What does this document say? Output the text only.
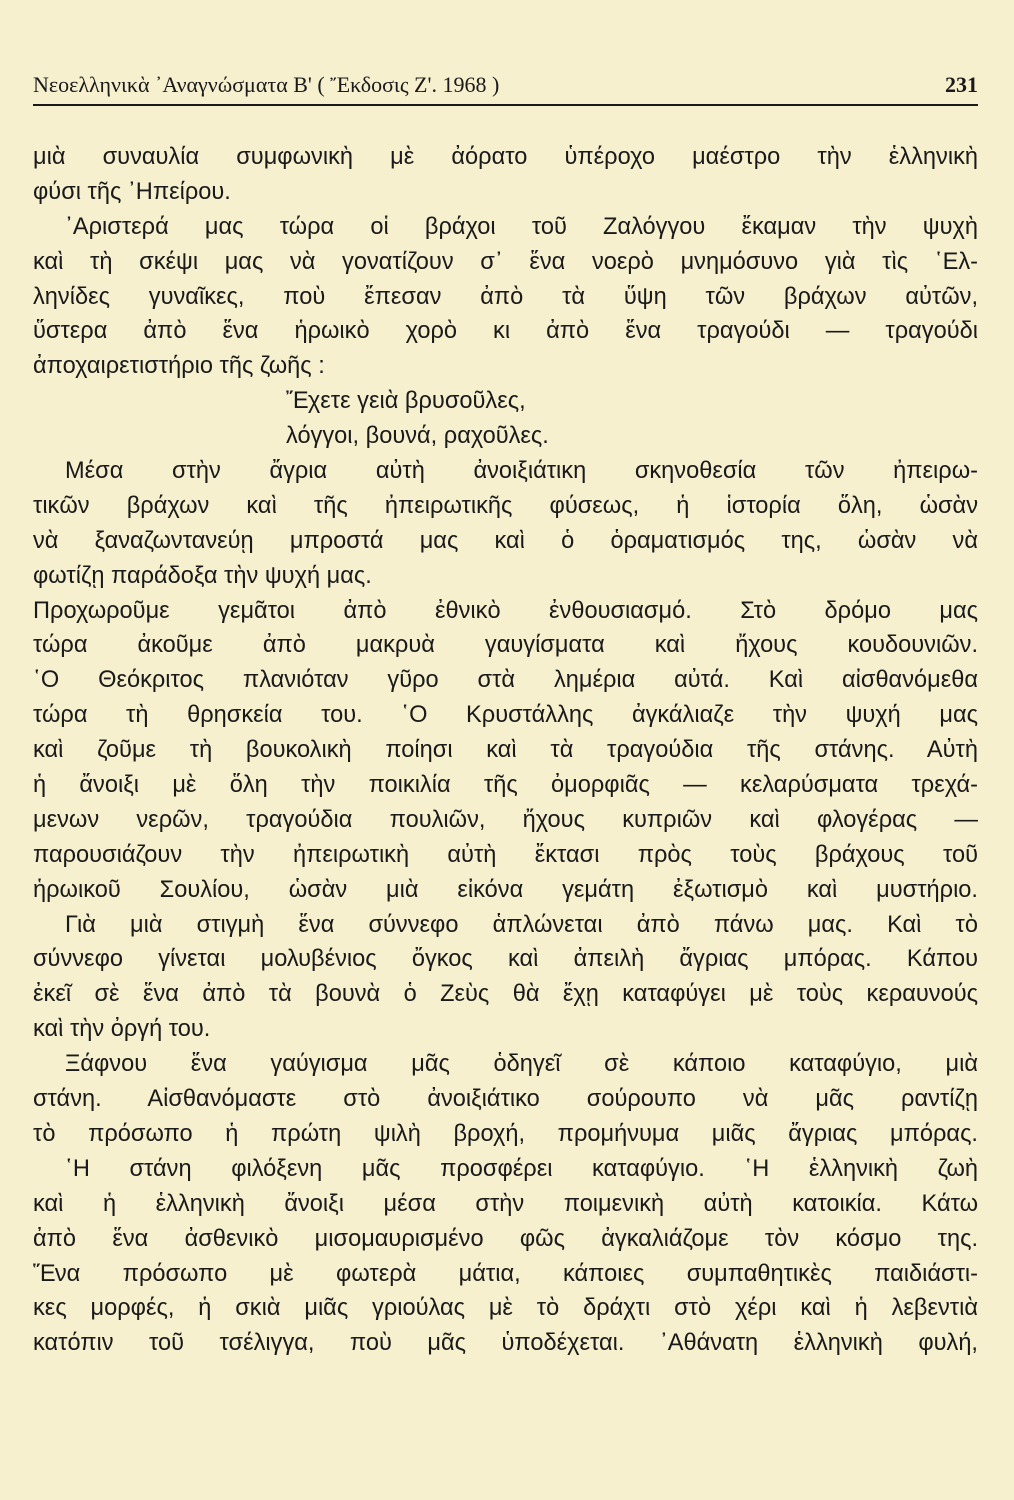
Νεοελληνικὰ ᾿Αναγνώσματα Β' ( Ἔκδοσις Ζ'. 1968 )	231
μιὰ συναυλία συμφωνικὴ μὲ ἀόρατο ὑπέροχο μαέστρο τὴν ἑλληνικὴ
φύσι τῆς ᾿Ηπείρου.
᾿Αριστερά μας τώρα οἱ βράχοι τοῦ Ζαλόγγου ἔκαμαν τὴν ψυχὴ
καὶ τὴ σκέψι μας νὰ γονατίζουν σ᾿ ἕνα νοερὸ μνημόσυνο γιὰ τὶς ῾Ελ-
ληνίδες γυναῖκες, ποὺ ἔπεσαν ἀπὸ τὰ ὕψη τῶν βράχων αὐτῶν,
ὕστερα ἀπὸ ἕνα ἡρωικὸ χορὸ κι ἀπὸ ἕνα τραγούδι — τραγούδι
ἀποχαιρετιστήριο τῆς ζωῆς :
Ἔχετε γειὰ βρυσοῦλες,
λόγγοι, βουνά, ραχοῦλες.
Μέσα στὴν ἄγρια αὐτὴ ἀνοιξιάτικη σκηνοθεσία τῶν ἠπειρω-
τικῶν βράχων καὶ τῆς ἠπειρωτικῆς φύσεως, ἡ ἱστορία ὅλη, ὡσὰν
νὰ ξαναζωντανεύῃ μπροστά μας καὶ ὁ ὁραματισμός της, ὡσὰν νὰ
φωτίζῃ παράδοξα τὴν ψυχή μας.
Προχωροῦμε γεμᾶτοι ἀπὸ ἐθνικὸ ἐνθουσιασμό. Στὸ δρόμο μας
τώρα ἀκοῦμε ἀπὸ μακρυὰ γαυγίσματα καὶ ἤχους κουδουνιῶν.
῾Ο Θεόκριτος πλανιόταν γῦρο στὰ λημέρια αὐτά. Καὶ αἰσθανόμεθα
τώρα τὴ θρησκεία του. ῾Ο Κρυστάλλης ἀγκάλιαζε τὴν ψυχή μας
καὶ ζοῦμε τὴ βουκολικὴ ποίησι καὶ τὰ τραγούδια τῆς στάνης. Αὐτὴ
ἡ ἄνοιξι μὲ ὅλη τὴν ποικιλία τῆς ὀμορφιᾶς — κελαρύσματα τρεχά-
μενων νερῶν, τραγούδια πουλιῶν, ἤχους κυπριῶν καὶ φλογέρας —
παρουσιάζουν τὴν ἠπειρωτικὴ αὐτὴ ἔκτασι πρὸς τοὺς βράχους τοῦ
ἡρωικοῦ Σουλίου, ὡσὰν μιὰ εἰκόνα γεμάτη ἐξωτισμὸ καὶ μυστήριο.
Γιὰ μιὰ στιγμὴ ἕνα σύννεφο ἁπλώνεται ἀπὸ πάνω μας. Καὶ τὸ
σύννεφο γίνεται μολυβένιος ὄγκος καὶ ἀπειλὴ ἄγριας μπόρας. Κάπου
ἐκεῖ σὲ ἕνα ἀπὸ τὰ βουνὰ ὁ Ζεὺς θὰ ἔχῃ καταφύγει μὲ τοὺς κεραυνούς
καὶ τὴν ὀργή του.
Ξάφνου ἕνα γαύγισμα μᾶς ὁδηγεῖ σὲ κάποιο καταφύγιο, μιὰ
στάνη. Αἰσθανόμαστε στὸ ἀνοιξιάτικο σούρουπο νὰ μᾶς ραντίζῃ
τὸ πρόσωπο ἡ πρώτη ψιλὴ βροχή, προμήνυμα μιᾶς ἄγριας μπόρας.
῾Η στάνη φιλόξενη μᾶς προσφέρει καταφύγιο. ῾Η ἑλληνικὴ ζωὴ
καὶ ἡ ἑλληνικὴ ἄνοιξι μέσα στὴν ποιμενικὴ αὐτὴ κατοικία. Κάτω
ἀπὸ ἕνα ἀσθενικὸ μισομαυρισμένο φῶς ἀγκαλιάζομε τὸν κόσμο της.
Ἕνα πρόσωπο μὲ φωτερὰ μάτια, κάποιες συμπαθητικὲς παιδιάστι-
κες μορφές, ἡ σκιὰ μιᾶς γριούλας μὲ τὸ δράχτι στὸ χέρι καὶ ἡ λεβεντιὰ
κατόπιν τοῦ τσέλιγγα, ποὺ μᾶς ὑποδέχεται. ᾿Αθάνατη ἑλληνικὴ φυλή,
